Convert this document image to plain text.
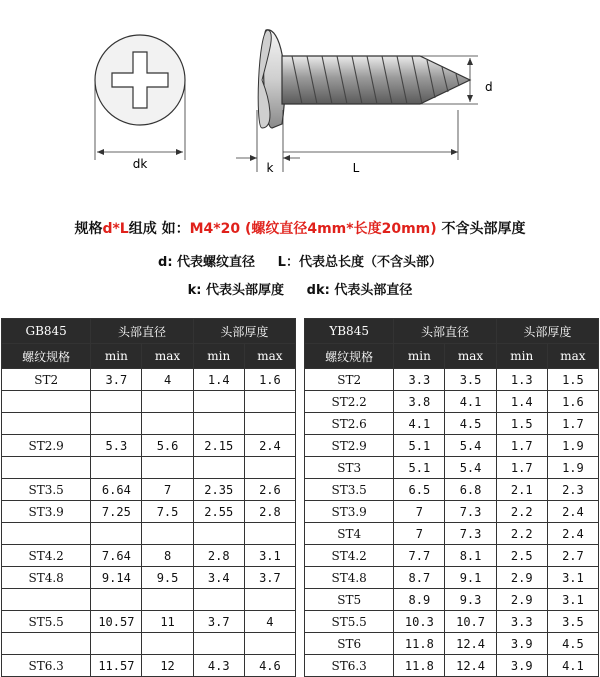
dk
d
k	L
规格d*L组成 如：M4*20 (螺纹直径4mm*长度20mm) 不含头部厚度
d: 代表螺纹直径     L：代表总长度（不含头部）
k: 代表头部厚度     dk: 代表头部直径
GB845	头部直径		头部厚度	
螺纹规格	min	max	min	max
ST2	3.7	4	1.4	1.6

ST2.9	5.3	5.6	2.15	2.4

ST3.5	6.64	7	2.35	2.6
ST3.9	7.25	7.5	2.55	2.8

ST4.2	7.64	8	2.8	3.1
ST4.8	9.14	9.5	3.4	3.7

ST5.5	10.57	11	3.7	4

ST6.3	11.57	12	4.3	4.6
YB845	头部直径		头部厚度	
螺纹规格	min	max	min	max
ST2	3.3	3.5	1.3	1.5
ST2.2	3.8	4.1	1.4	1.6
ST2.6	4.1	4.5	1.5	1.7
ST2.9	5.1	5.4	1.7	1.9
ST3	5.1	5.4	1.7	1.9
ST3.5	6.5	6.8	2.1	2.3
ST3.9	7	7.3	2.2	2.4
ST4	7	7.3	2.2	2.4
ST4.2	7.7	8.1	2.5	2.7
ST4.8	8.7	9.1	2.9	3.1
ST5	8.9	9.3	2.9	3.1
ST5.5	10.3	10.7	3.3	3.5
ST6	11.8	12.4	3.9	4.5
ST6.3	11.8	12.4	3.9	4.1
